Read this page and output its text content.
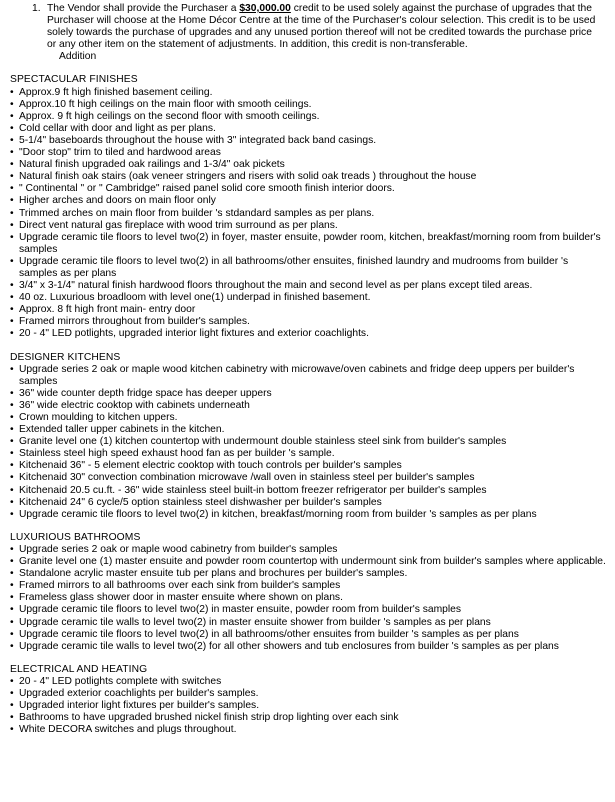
1. The Vendor shall provide the Purchaser a $30,000.00 credit to be used solely against the purchase of upgrades that the Purchaser will choose at the Home Décor Centre at the time of the Purchaser's colour selection. This credit is to be used solely towards the purchase of upgrades and any unused portion thereof will not be credited towards the purchase price or any other item on the statement of adjustments. In addition, this credit is non-transferable.
Addition
SPECTACULAR FINISHES
• Approx.9 ft high finished basement ceiling.
• Approx.10 ft high ceilings on the main floor with smooth ceilings.
• Approx. 9 ft high ceilings on the second floor with smooth ceilings.
• Cold cellar with door and light as per plans.
• 5-1/4" baseboards throughout the house with 3" integrated back band casings.
• "Door stop" trim to tiled and hardwood areas
• Natural finish upgraded oak railings and 1-3/4" oak pickets
• Natural finish oak stairs (oak veneer stringers and risers with solid oak treads ) throughout the house
• " Continental " or " Cambridge" raised panel solid core smooth finish interior doors.
• Higher arches and doors on main floor only
• Trimmed arches on main floor from builder 's stdandard samples as per plans.
• Direct vent natural gas fireplace with wood trim surround as per plans.
• Upgrade ceramic tile floors to level two(2) in foyer, master ensuite, powder room, kitchen, breakfast/morning room from builder's samples
• Upgrade ceramic tile floors to level two(2) in all bathrooms/other ensuites, finished laundry and mudrooms from builder 's samples as per plans
• 3/4" x 3-1/4" natural finish hardwood floors throughout the main and second level as per plans except tiled areas.
• 40 oz. Luxurious broadloom with level one(1) underpad in finished basement.
• Approx. 8 ft high front main- entry door
• Framed mirrors throughout from builder's samples.
• 20 - 4" LED potlights, upgraded interior light fixtures and exterior coachlights.
DESIGNER KITCHENS
• Upgrade series 2 oak or maple wood kitchen cabinetry with microwave/oven cabinets and fridge deep uppers per builder's samples
• 36" wide counter depth fridge space has deeper uppers
• 36" wide electric cooktop with cabinets underneath
• Crown moulding to kitchen uppers.
• Extended taller upper cabinets in the kitchen.
• Granite level one (1) kitchen countertop with undermount double stainless steel sink from builder's samples
• Stainless steel high speed exhaust hood fan as per builder 's sample.
• Kitchenaid 36" - 5 element electric cooktop with touch controls per builder's samples
• Kitchenaid 30" convection combination microwave /wall oven in stainless steel per builder's samples
• Kitchenaid 20.5 cu.ft. - 36" wide stainless steel built-in bottom freezer refrigerator per builder's samples
• Kitchenaid 24" 6 cycle/5 option stainless steel dishwasher per builder's samples
• Upgrade ceramic tile floors to level two(2) in kitchen, breakfast/morning room from builder 's samples as per plans
LUXURIOUS BATHROOMS
• Upgrade series 2 oak or maple wood cabinetry from builder's samples
• Granite level one (1) master ensuite and powder room countertop with undermount sink from builder's samples where applicable.
• Standalone acrylic master ensuite tub per plans and brochures per builder's samples.
• Framed mirrors to all bathrooms over each sink from builder's samples
• Frameless glass shower door in master ensuite where shown on plans.
• Upgrade ceramic tile floors to level two(2) in master ensuite, powder room from builder's samples
• Upgrade ceramic tile walls to level two(2) in master ensuite shower from builder 's samples as per plans
• Upgrade ceramic tile floors to level two(2) in all bathrooms/other ensuites from builder 's samples as per plans
• Upgrade ceramic tile walls to level two(2) for all other showers and tub enclosures from builder 's samples as per plans
ELECTRICAL AND HEATING
• 20 - 4" LED potlights complete with switches
• Upgraded exterior coachlights per builder's samples.
• Upgraded interior light fixtures per builder's samples.
• Bathrooms to have upgraded brushed nickel finish strip drop lighting over each sink
• White DECORA switches and plugs throughout.
